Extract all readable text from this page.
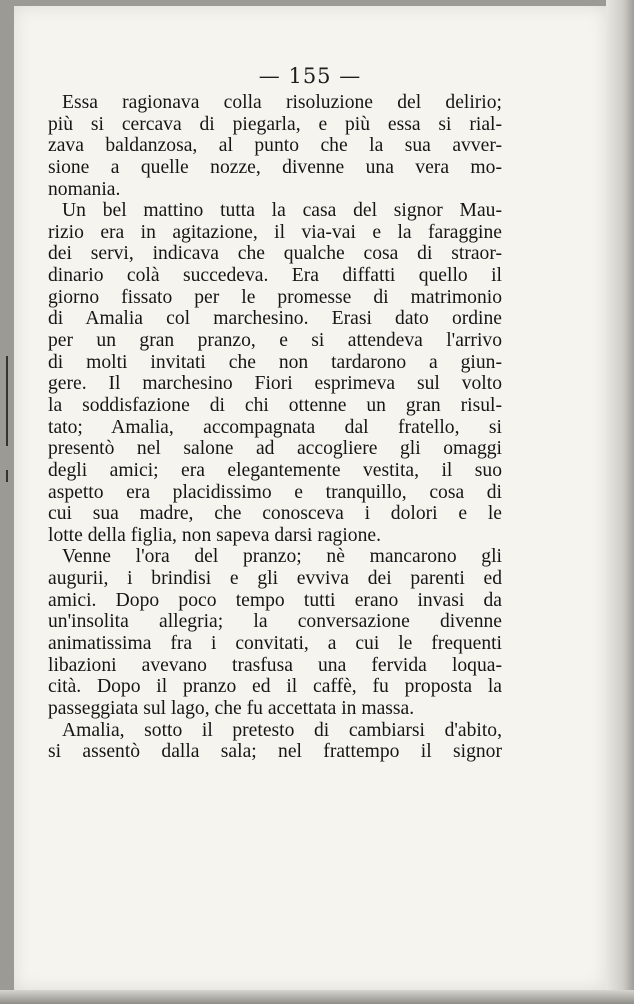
— 155 —
Essa ragionava colla risoluzione del delirio;
più si cercava di piegarla, e più essa si rial-
zava baldanzosa, al punto che la sua avver-
sione a quelle nozze, divenne una vera mo-
nomania.
Un bel mattino tutta la casa del signor Mau-
rizio era in agitazione, il via-vai e la faraggine
dei servi, indicava che qualche cosa di straor-
dinario colà succedeva. Era diffatti quello il
giorno fissato per le promesse di matrimonio
di Amalia col marchesino. Erasi dato ordine
per un gran pranzo, e si attendeva l'arrivo
di molti invitati che non tardarono a giun-
gere. Il marchesino Fiori esprimeva sul volto
la soddisfazione di chi ottenne un gran risul-
tato; Amalia, accompagnata dal fratello, si
presentò nel salone ad accogliere gli omaggi
degli amici; era elegantemente vestita, il suo
aspetto era placidissimo e tranquillo, cosa di
cui sua madre, che conosceva i dolori e le
lotte della figlia, non sapeva darsi ragione.
Venne l'ora del pranzo; nè mancarono gli
augurii, i brindisi e gli evviva dei parenti ed
amici. Dopo poco tempo tutti erano invasi da
un'insolita allegria; la conversazione divenne
animatissima fra i convitati, a cui le frequenti
libazioni avevano trasfusa una fervida loqua-
cità. Dopo il pranzo ed il caffè, fu proposta la
passeggiata sul lago, che fu accettata in massa.
Amalia, sotto il pretesto di cambiarsi d'abito,
si assentò dalla sala; nel frattempo il signor
